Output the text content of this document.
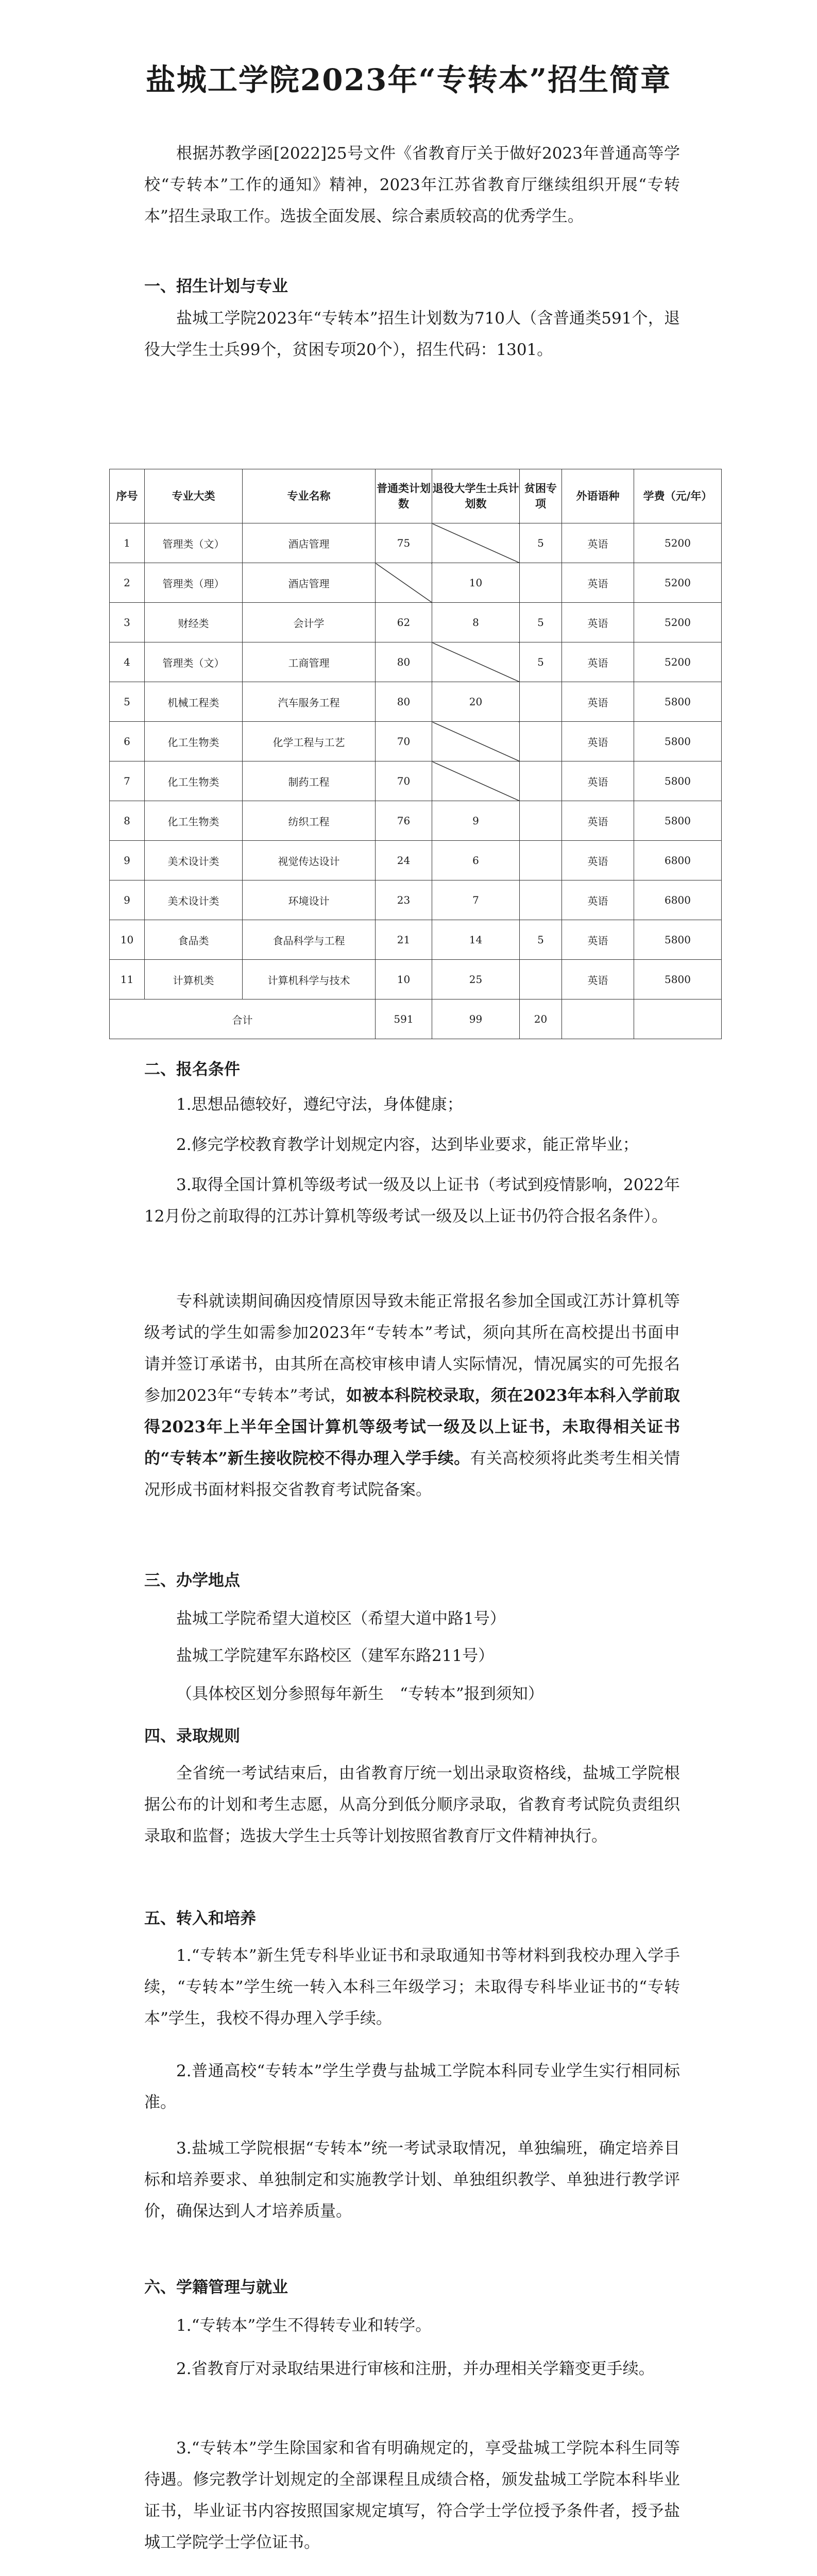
盐城工学院2023年“专转本”招生简章
根据苏教学函[2022]25号文件《省教育厅关于做好2023年普通高等学校“专转本”工作的通知》精神，2023年江苏省教育厅继续组织开展“专转本”招生录取工作。选拔全面发展、综合素质较高的优秀学生。
一、招生计划与专业
盐城工学院2023年“专转本”招生计划数为710人（含普通类591个，退役大学生士兵99个，贫困专项20个），招生代码：1301。
序号	专业大类	专业名称	普通类计划数	退役大学生士兵计划数	贫困专项	外语语种	学费（元/年）
1	管理类（文）	酒店管理	75		5	英语	5200
2	管理类（理）	酒店管理		10		英语	5200
3	财经类	会计学	62	8	5	英语	5200
4	管理类（文）	工商管理	80		5	英语	5200
5	机械工程类	汽车服务工程	80	20		英语	5800
6	化工生物类	化学工程与工艺	70			英语	5800
7	化工生物类	制药工程	70			英语	5800
8	化工生物类	纺织工程	76	9		英语	5800
9	美术设计类	视觉传达设计	24	6		英语	6800
9	美术设计类	环境设计	23	7		英语	6800
10	食品类	食品科学与工程	21	14	5	英语	5800
11	计算机类	计算机科学与技术	10	25		英语	5800
合计			591	99	20		
二、报名条件
1.思想品德较好，遵纪守法，身体健康；
2.修完学校教育教学计划规定内容，达到毕业要求，能正常毕业；
3.取得全国计算机等级考试一级及以上证书（考试到疫情影响，2022年12月份之前取得的江苏计算机等级考试一级及以上证书仍符合报名条件）。
专科就读期间确因疫情原因导致未能正常报名参加全国或江苏计算机等级考试的学生如需参加2023年“专转本”考试，须向其所在高校提出书面申请并签订承诺书，由其所在高校审核申请人实际情况，情况属实的可先报名参加2023年“专转本”考试，如被本科院校录取，须在2023年本科入学前取得2023年上半年全国计算机等级考试一级及以上证书，未取得相关证书的“专转本”新生接收院校不得办理入学手续。有关高校须将此类考生相关情况形成书面材料报交省教育考试院备案。
三、办学地点
盐城工学院希望大道校区（希望大道中路1号）
盐城工学院建军东路校区（建军东路211号）
（具体校区划分参照每年新生　“专转本”报到须知）
四、录取规则
全省统一考试结束后，由省教育厅统一划出录取资格线，盐城工学院根据公布的计划和考生志愿，从高分到低分顺序录取，省教育考试院负责组织录取和监督；选拔大学生士兵等计划按照省教育厅文件精神执行。
五、转入和培养
1.“专转本”新生凭专科毕业证书和录取通知书等材料到我校办理入学手续，“专转本”学生统一转入本科三年级学习；未取得专科毕业证书的“专转本”学生，我校不得办理入学手续。
2.普通高校“专转本”学生学费与盐城工学院本科同专业学生实行相同标准。
3.盐城工学院根据“专转本”统一考试录取情况，单独编班，确定培养目标和培养要求、单独制定和实施教学计划、单独组织教学、单独进行教学评价，确保达到人才培养质量。
六、学籍管理与就业
1.“专转本”学生不得转专业和转学。
2.省教育厅对录取结果进行审核和注册，并办理相关学籍变更手续。
3.“专转本”学生除国家和省有明确规定的，享受盐城工学院本科生同等待遇。修完教学计划规定的全部课程且成绩合格，颁发盐城工学院本科毕业证书，毕业证书内容按照国家规定填写，符合学士学位授予条件者，授予盐城工学院学士学位证书。
